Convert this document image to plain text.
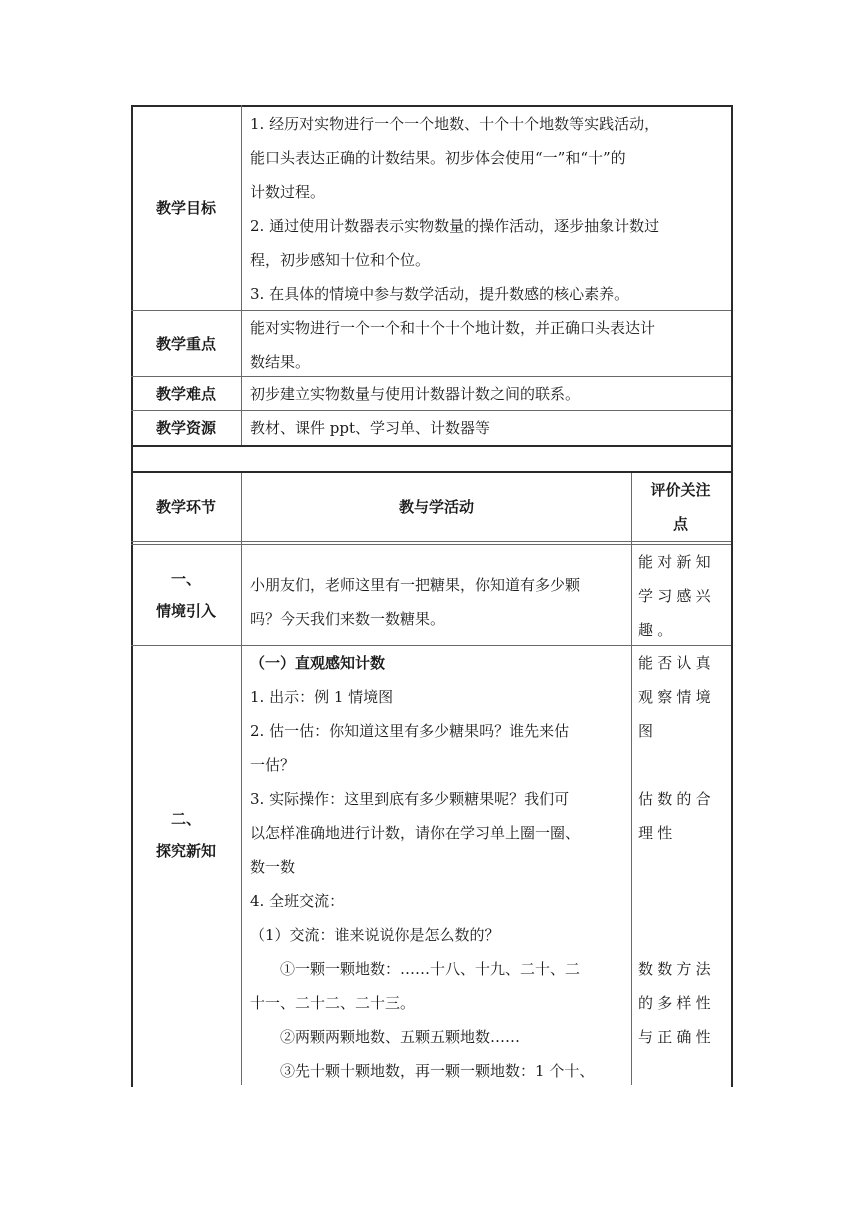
教学目标

1. 经历对实物进行一个一个地数、十个十个地数等实践活动，

能口头表达正确的计数结果。初步体会使用“一”和“十”的

计数过程。

2. 通过使用计数器表示实物数量的操作活动，逐步抽象计数过

程，初步感知十位和个位。

3. 在具体的情境中参与数学活动，提升数感的核心素养。

教学重点

能对实物进行一个一个和十个十个地计数，并正确口头表达计

数结果。

教学难点 初步建立实物数量与使用计数器计数之间的联系。

教学资源 教材、课件 ppt、学习单、计数器等

教学环节	教与学活动
评价关注
点
一、
情境引入

小朋友们，老师这里有一把糖果，你知道有多少颗

吗？今天我们来数一数糖果。

能对新知

学习感兴

趣。

二、
探究新知

（一）直观感知计数

1. 出示：例 1 情境图

2. 估一估：你知道这里有多少糖果吗？谁先来估

一估？

3. 实际操作：这里到底有多少颗糖果呢？我们可

以怎样准确地进行计数，请你在学习单上圈一圈、

数一数

4. 全班交流：

（1）交流：谁来说说你是怎么数的？

①一颗一颗地数：……十八、十九、二十、二

十一、二十二、二十三。

②两颗两颗地数、五颗五颗地数……

③先十颗十颗地数，再一颗一颗地数：1 个十、

能否认真

观察情境

图

估数的合

理性

数数方法

的多样性

与正确性
